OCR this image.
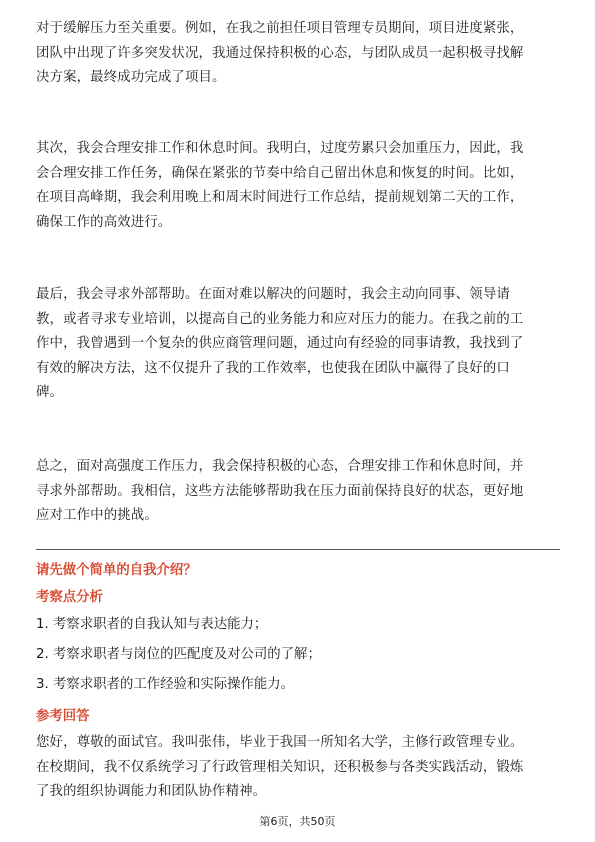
对于缓解压力至关重要。例如，在我之前担任项目管理专员期间，项目进度紧张，
团队中出现了许多突发状况，我通过保持积极的心态，与团队成员一起积极寻找解
决方案，最终成功完成了项目。
其次，我会合理安排工作和休息时间。我明白，过度劳累只会加重压力，因此，我
会合理安排工作任务，确保在紧张的节奏中给自己留出休息和恢复的时间。比如，
在项目高峰期，我会利用晚上和周末时间进行工作总结，提前规划第二天的工作，
确保工作的高效进行。
最后，我会寻求外部帮助。在面对难以解决的问题时，我会主动向同事、领导请
教，或者寻求专业培训，以提高自己的业务能力和应对压力的能力。在我之前的工
作中，我曾遇到一个复杂的供应商管理问题，通过向有经验的同事请教，我找到了
有效的解决方法，这不仅提升了我的工作效率，也使我在团队中赢得了良好的口
碑。
总之，面对高强度工作压力，我会保持积极的心态，合理安排工作和休息时间，并
寻求外部帮助。我相信，这些方法能够帮助我在压力面前保持良好的状态，更好地
应对工作中的挑战。
请先做个简单的自我介绍？
考察点分析
1. 考察求职者的自我认知与表达能力；
2. 考察求职者与岗位的匹配度及对公司的了解；
3. 考察求职者的工作经验和实际操作能力。
参考回答
您好，尊敬的面试官。我叫张伟，毕业于我国一所知名大学，主修行政管理专业。
在校期间，我不仅系统学习了行政管理相关知识，还积极参与各类实践活动，锻炼
了我的组织协调能力和团队协作精神。
第6页，共50页
